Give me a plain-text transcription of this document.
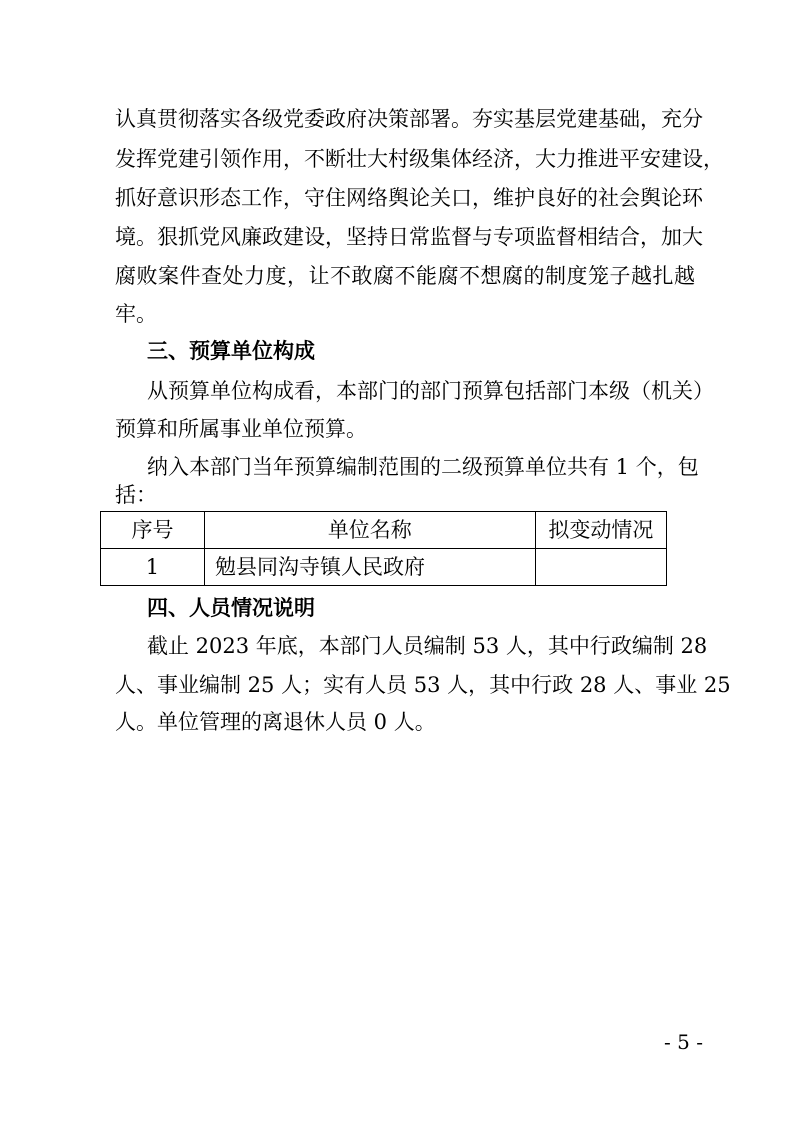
认真贯彻落实各级党委政府决策部署。夯实基层党建基础，充分
发挥党建引领作用，不断壮大村级集体经济，大力推进平安建设，
抓好意识形态工作，守住网络舆论关口，维护良好的社会舆论环
境。狠抓党风廉政建设，坚持日常监督与专项监督相结合，加大
腐败案件查处力度，让不敢腐不能腐不想腐的制度笼子越扎越
牢。
三、预算单位构成
从预算单位构成看，本部门的部门预算包括部门本级（机关）
预算和所属事业单位预算。
纳入本部门当年预算编制范围的二级预算单位共有 1 个，包
括：
序号	单位名称	拟变动情况
1	勉县同沟寺镇人民政府	
四、人员情况说明
截止 2023 年底，本部门人员编制 53 人，其中行政编制 28
人、事业编制 25 人；实有人员 53 人，其中行政 28 人、事业 25
人。单位管理的离退休人员 0 人。
- 5 -
